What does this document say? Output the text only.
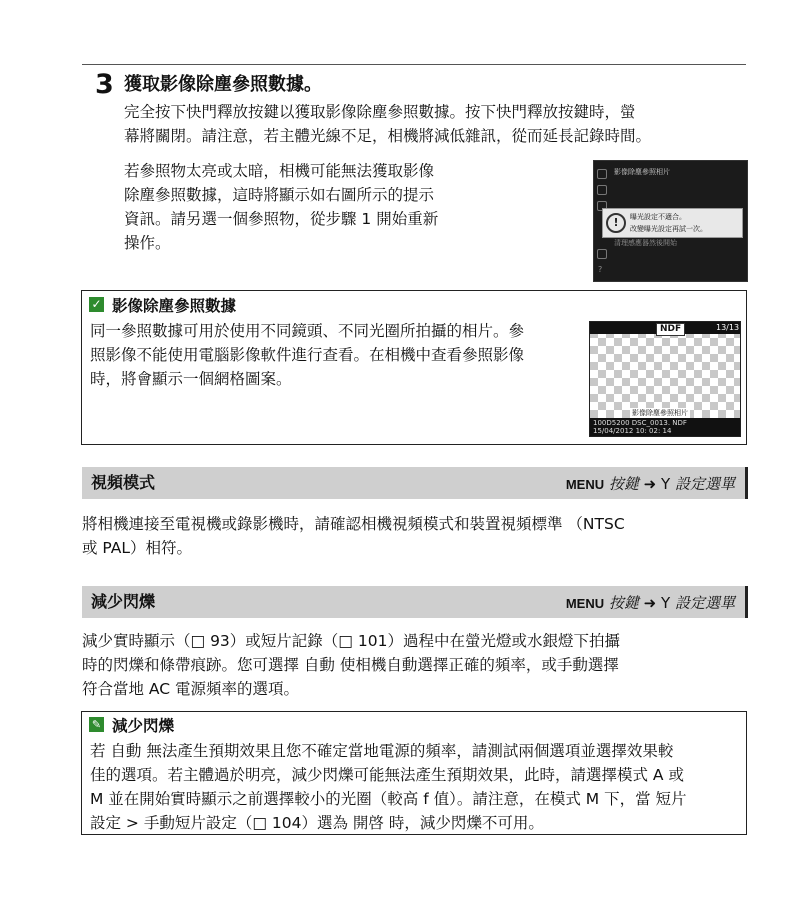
3 獲取影像除塵參照數據。
完全按下快門釋放按鍵以獲取影像除塵參照數據。按下快門釋放按鍵時，螢
幕將關閉。請注意，若主體光線不足，相機將減低雜訊，從而延長記錄時間。
若參照物太亮或太暗，相機可能無法獲取影像
除塵參照數據，這時將顯示如右圖所示的提示
資訊。請另選一個參照物，從步驟 1 開始重新
操作。
影像除塵參照相片
清理感應器然後開始
!	曝光設定不適合。
改變曝光設定再試一次。
?
✓ 影像除塵參照數據
同一參照數據可用於使用不同鏡頭、不同光圈所拍攝的相片。參
照影像不能使用電腦影像軟件進行查看。在相機中查看參照影像
時，將會顯示一個網格圖案。
NDF	13/13
影像除塵參照相片
100D5200 DSC_0013. NDF
15/04/2012 10: 02: 14
視頻模式	MENU 按鍵 ➜ Y 設定選單
將相機連接至電視機或錄影機時，請確認相機視頻模式和裝置視頻標準 （NTSC
或 PAL）相符。
減少閃爍	MENU 按鍵 ➜ Y 設定選單
減少實時顯示（□ 93）或短片記錄（□ 101）過程中在螢光燈或水銀燈下拍攝
時的閃爍和條帶痕跡。您可選擇 自動 使相機自動選擇正確的頻率，或手動選擇
符合當地 AC 電源頻率的選項。
✎ 減少閃爍
若 自動 無法產生預期效果且您不確定當地電源的頻率，請測試兩個選項並選擇效果較
佳的選項。若主體過於明亮，減少閃爍可能無法產生預期效果，此時，請選擇模式 A 或
M 並在開始實時顯示之前選擇較小的光圈（較高 f 值）。請注意，在模式 M 下，當 短片
設定 > 手動短片設定（□ 104）選為 開啓 時，減少閃爍不可用。
